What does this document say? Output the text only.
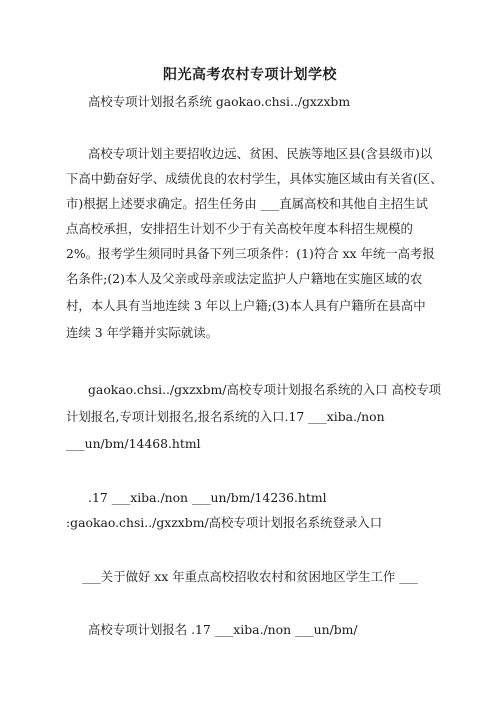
阳光高考农村专项计划学校
高校专项计划报名系统 gaokao.chsi../gxzxbm
高校专项计划主要招收边远、贫困、民族等地区县(含县级市)以
下高中勤奋好学、成绩优良的农村学生，具体实施区域由有关省(区、
市)根据上述要求确定。招生任务由 ___直属高校和其他自主招生试
点高校承担，安排招生计划不少于有关高校年度本科招生规模的
2%。报考学生须同时具备下列三项条件：(1)符合 xx 年统一高考报
名条件;(2)本人及父亲或母亲或法定监护人户籍地在实施区域的农
村，本人具有当地连续 3 年以上户籍;(3)本人具有户籍所在县高中
连续 3 年学籍并实际就读。
gaokao.chsi../gxzxbm/高校专项计划报名系统的入口 高校专项
计划报名,专项计划报名,报名系统的入口.17 ___xiba./non
___un/bm/14468.html
.17 ___xiba./non ___un/bm/14236.html
:gaokao.chsi../gxzxbm/高校专项计划报名系统登录入口
___关于做好 xx 年重点高校招收农村和贫困地区学生工作 ___
高校专项计划报名 .17 ___xiba./non ___un/bm/
